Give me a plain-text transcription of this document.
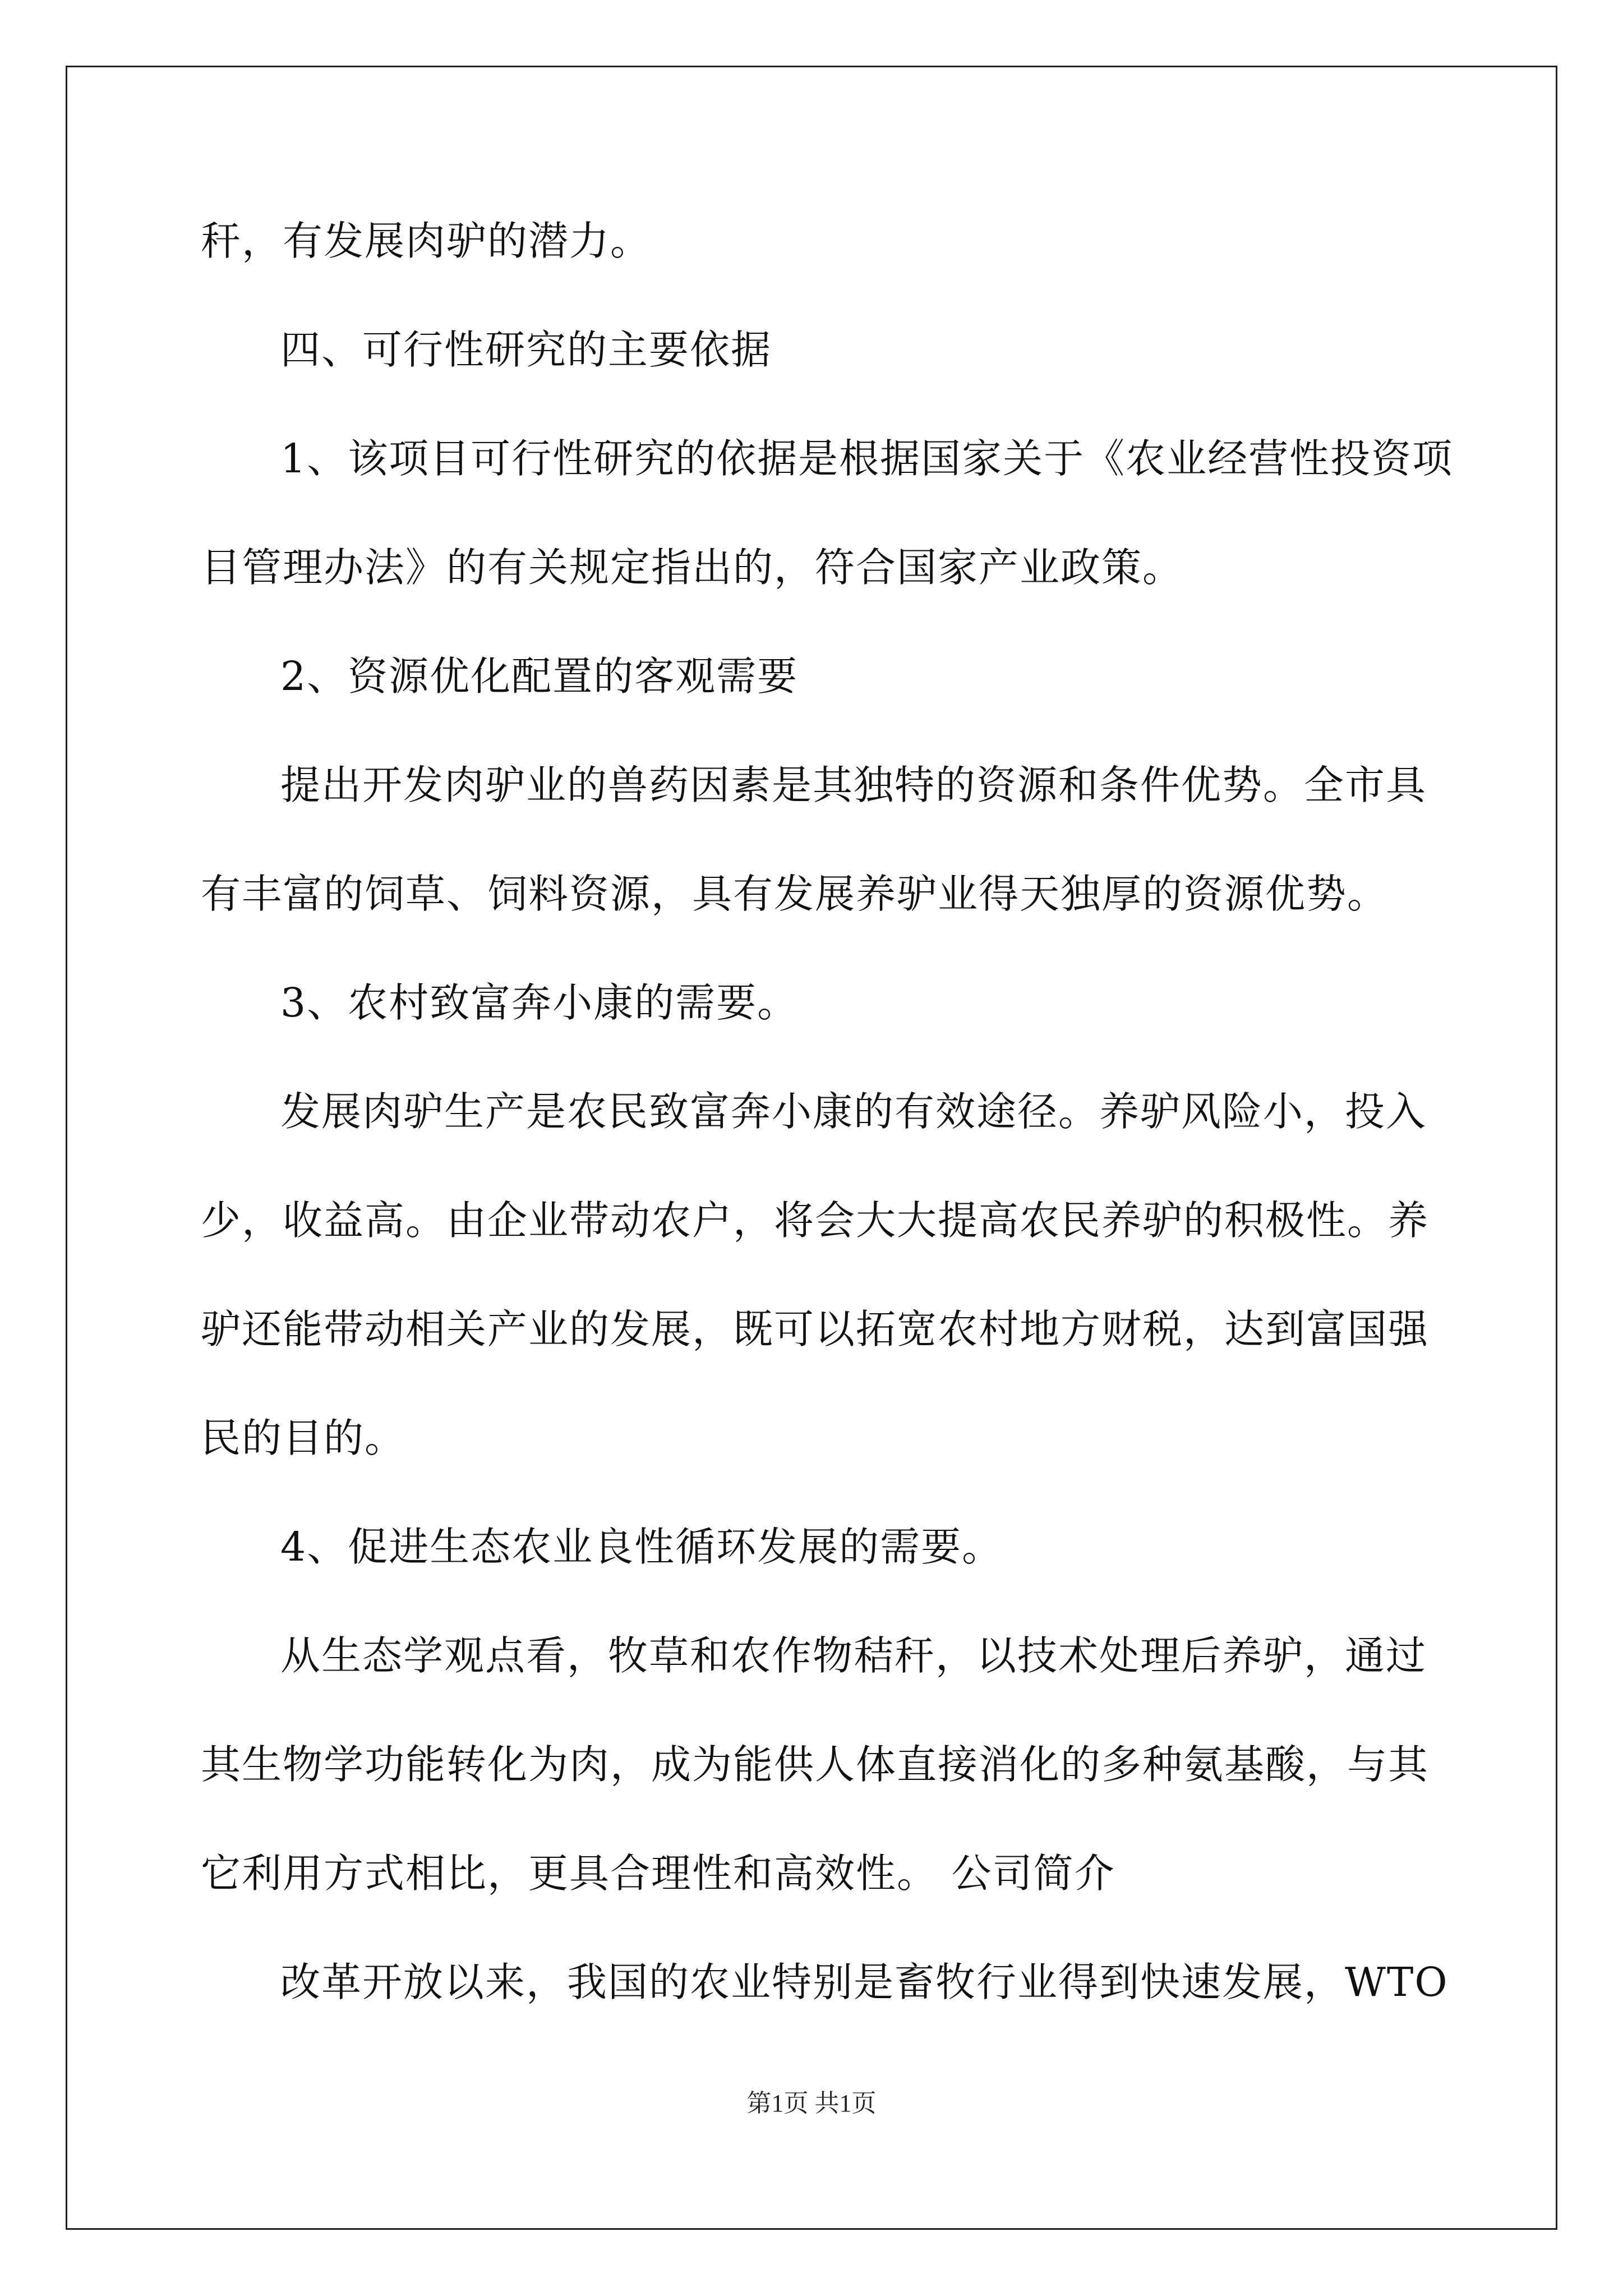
秆，有发展肉驴的潜力。
四、可行性研究的主要依据
1、该项目可行性研究的依据是根据国家关于《农业经营性投资项
目管理办法》的有关规定指出的，符合国家产业政策。
2、资源优化配置的客观需要
提出开发肉驴业的兽药因素是其独特的资源和条件优势。全市具
有丰富的饲草、饲料资源，具有发展养驴业得天独厚的资源优势。
3、农村致富奔小康的需要。
发展肉驴生产是农民致富奔小康的有效途径。养驴风险小，投入
少，收益高。由企业带动农户，将会大大提高农民养驴的积极性。养
驴还能带动相关产业的发展，既可以拓宽农村地方财税，达到富国强
民的目的。
4、促进生态农业良性循环发展的需要。
从生态学观点看，牧草和农作物秸秆，以技术处理后养驴，通过
其生物学功能转化为肉，成为能供人体直接消化的多种氨基酸，与其
它利用方式相比，更具合理性和高效性。 公司简介
改革开放以来，我国的农业特别是畜牧行业得到快速发展，WTO
第1页 共1页
